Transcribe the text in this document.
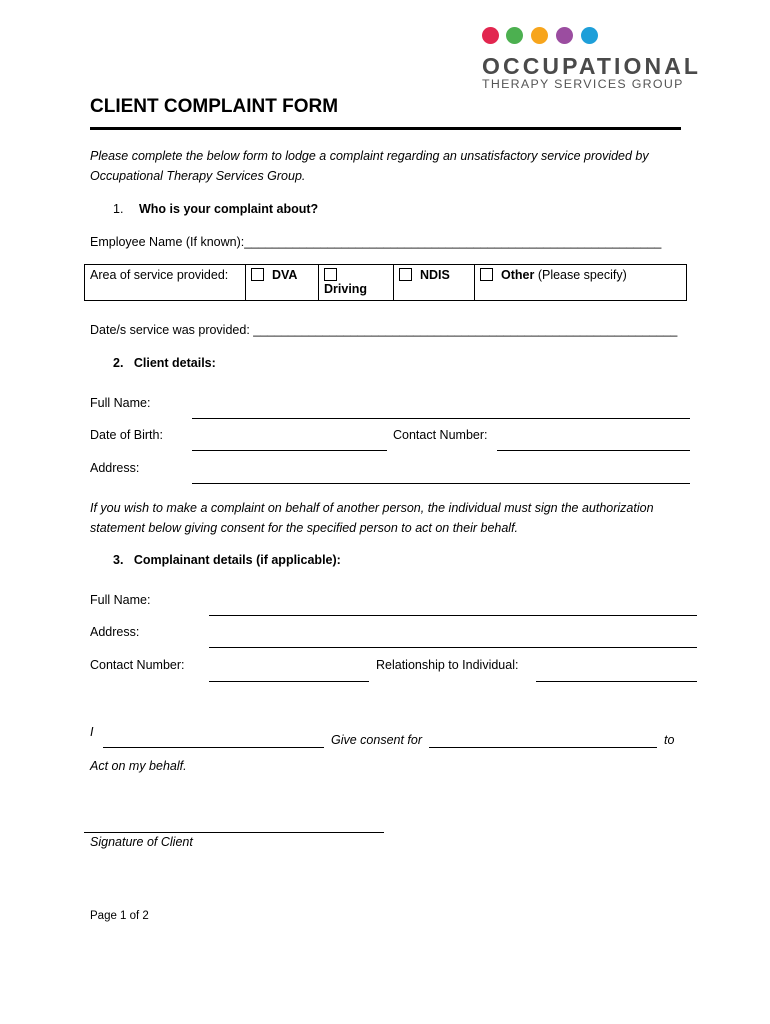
OCCUPATIONAL
THERAPY SERVICES GROUP
CLIENT COMPLAINT FORM
Please complete the below form to lodge a complaint regarding an unsatisfactory service provided by
Occupational Therapy Services Group.
1. Who is your complaint about?
Employee Name (If known):____________________________________________________________
Area of service provided:	DVA	Driving	NDIS	Other (Please specify)
Date/s service was provided: _____________________________________________________________
2.   Client details:
Full Name:
Date of Birth:	Contact Number:
Address:
If you wish to make a complaint on behalf of another person, the individual must sign the authorization
statement below giving consent for the specified person to act on their behalf.
3.   Complainant details (if applicable):
Full Name:
Address:
Contact Number:	Relationship to Individual:
I
Give consent for	to
Act on my behalf.
Signature of Client
Page 1 of 2
